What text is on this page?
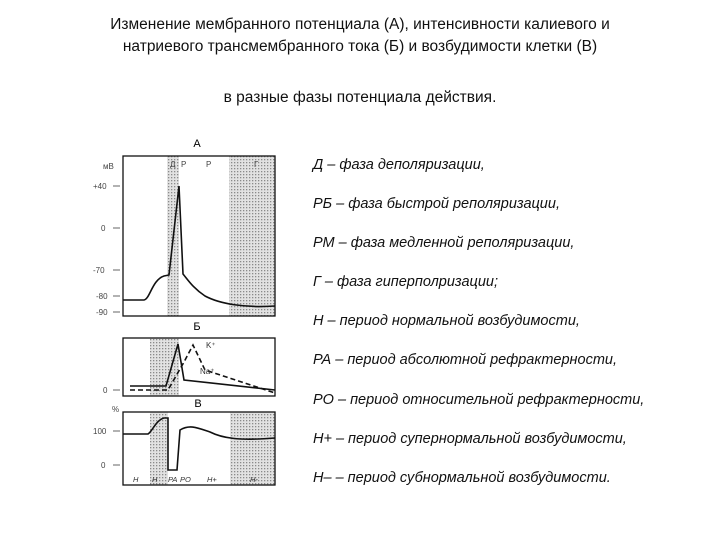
Изменение мембранного потенциала (А), интенсивности калиевого и
натриевого трансмембранного тока (Б) и возбудимости клетки (В)
в разные фазы потенциала действия.
А
мВ
+40
0
-70
-80
-90
Д Р Р	Г
Б
0
K⁺
Na⁺
В
%
100
0
Н Н РА РО Н+	Н-
Д – фаза деполяризации,
РБ – фаза быстрой реполяризации,
РМ – фаза медленной реполяризации,
Г – фаза гиперполризации;
Н – период нормальной возбудимости,
РА – период абсолютной рефрактерности,
РО – период относительной рефрактерности,
Н+ – период супернормальной возбудимости,
Н– – период субнормальной возбудимости.
